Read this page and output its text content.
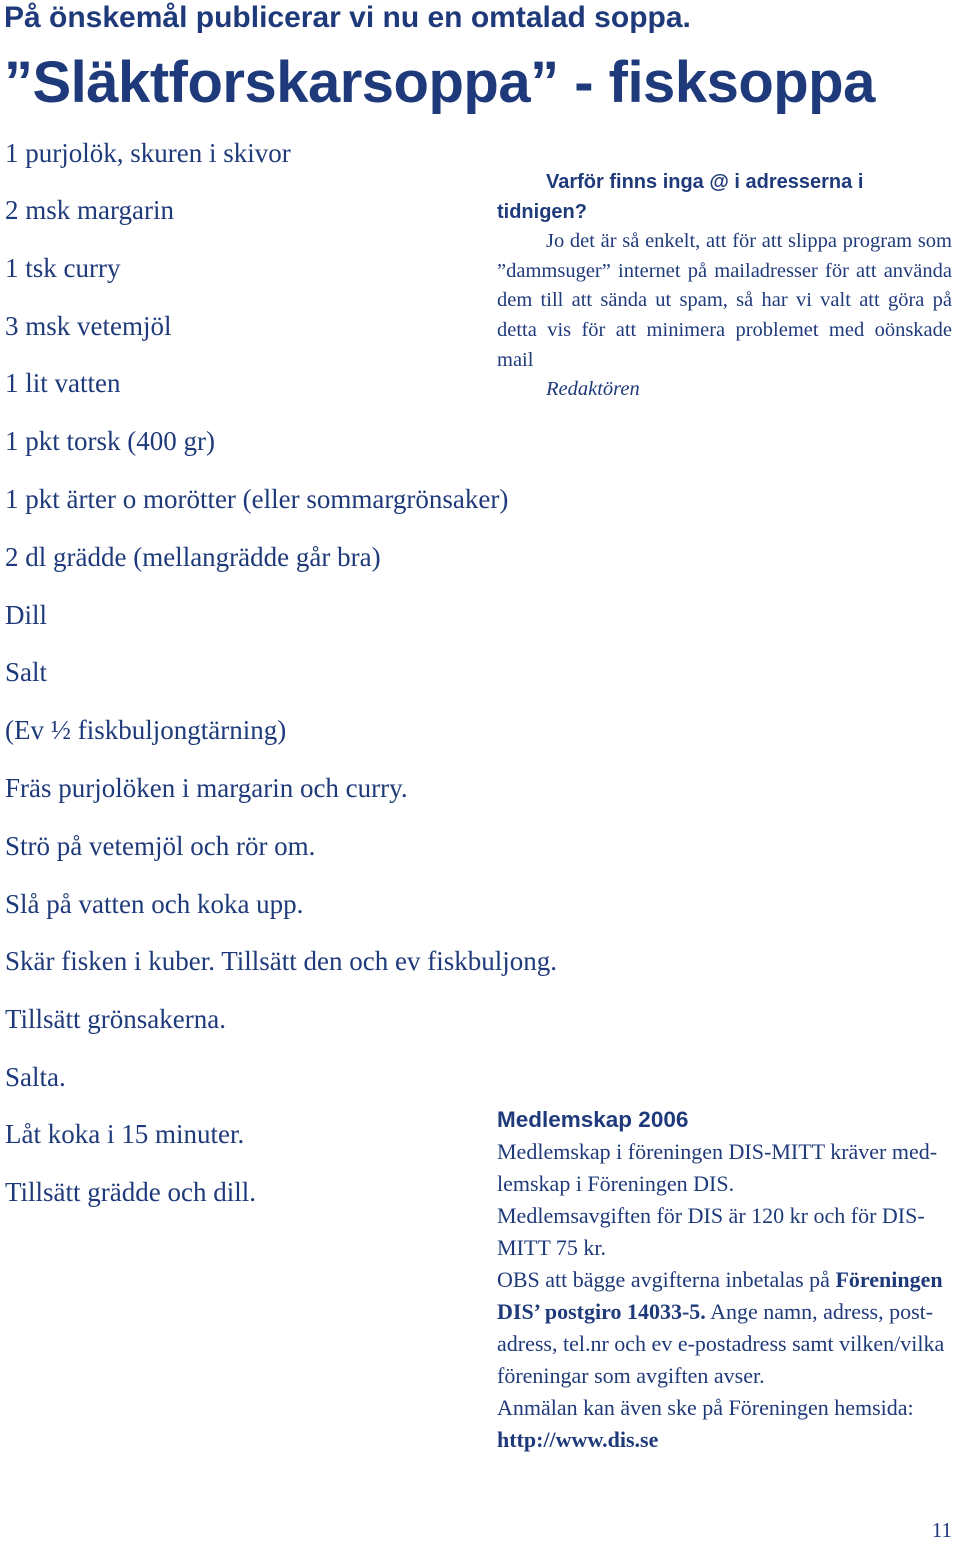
På önskemål publicerar vi nu en omtalad soppa.
”Släktforskarsoppa” - fisksoppa
1 purjolök, skuren i skivor
2 msk margarin
1 tsk curry
3 msk vetemjöl
1 lit vatten
1 pkt torsk (400 gr)
1 pkt ärter o morötter (eller sommargrönsaker)
2 dl grädde (mellangrädde går bra)
Dill
Salt
(Ev ½ fiskbuljongtärning)
Fräs purjolöken i margarin och curry.
Strö på vetemjöl och rör om.
Slå på vatten och koka upp.
Skär fisken i kuber. Tillsätt den och ev fiskbuljong.
Tillsätt grönsakerna.
Salta.
Låt koka i 15 minuter.
Tillsätt grädde och dill.
Varför finns inga @ i adresserna i
tidnigen?
Jo det är så enkelt, att för att slippa program som ”dammsuger” internet på mailadresser för att använda dem till att sända ut spam, så har vi valt att göra på detta vis för att minimera problemet med oönskade mail
Redaktören
Medlemskap 2006

Medlemskap i föreningen DIS-MITT kräver med-lemskap i Föreningen DIS.

Medlemsavgiften för DIS är 120 kr och för DIS-MITT 75 kr.

OBS att bägge avgifterna inbetalas på Föreningen DIS’ postgiro 14033-5. Ange namn, adress, post-adress, tel.nr och ev e-postadress samt vilken/vilka föreningar som avgiften avser.

Anmälan kan även ske på Föreningen hemsida: http://www.dis.se

11
